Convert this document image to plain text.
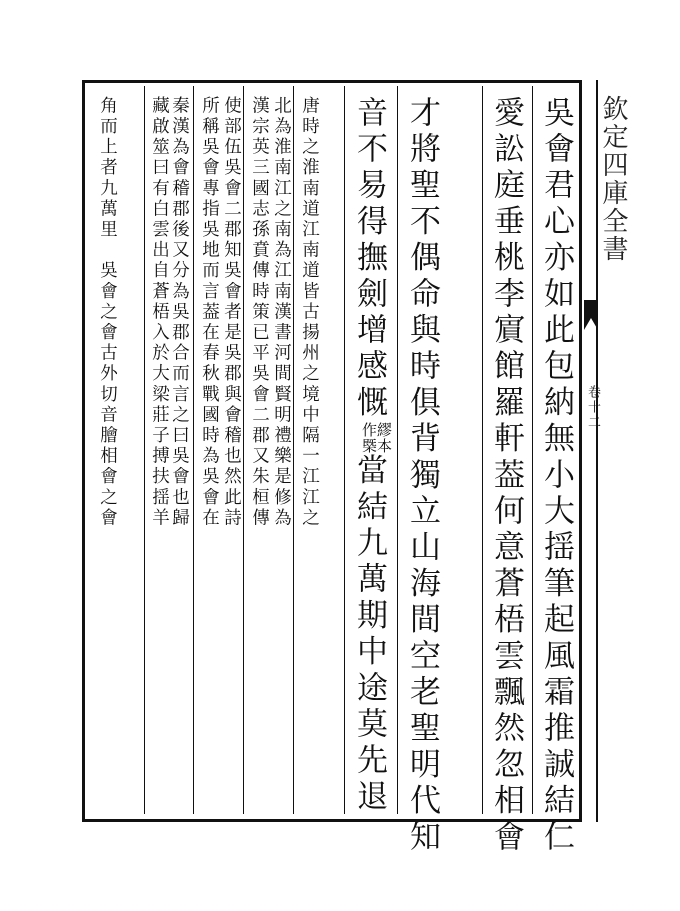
欽定四庫全書
卷十二
吳會君心亦如此包納無小大揺筆起風霜推誠結仁
愛訟庭垂桃李賔館羅軒葢何意蒼梧雲飄然忽相會
才將聖不偶命與時俱背獨立山海間空老聖明代知
音不易得撫劍增感慨
繆本
作槩
當結九萬期中途莫先退
唐時之淮南道江南道皆古揚州之境中隔一江江之
北為淮南江之南為江南漢書河間賢明禮樂是修為
漢宗英三國志孫賁傳時策已平吳會二郡又朱桓傳
使部伍吳會二郡知吳會者是吳郡與會稽也然此詩
所稱吳會專指吳地而言葢在春秋戰國時為吳會在
秦漢為會稽郡後又分為吳郡合而言之曰吳會也歸
藏啟筮曰有白雲出自蒼梧入於大梁莊子搏扶揺羊
角而上者九萬里　吳會之會古外切音膾相會之會
